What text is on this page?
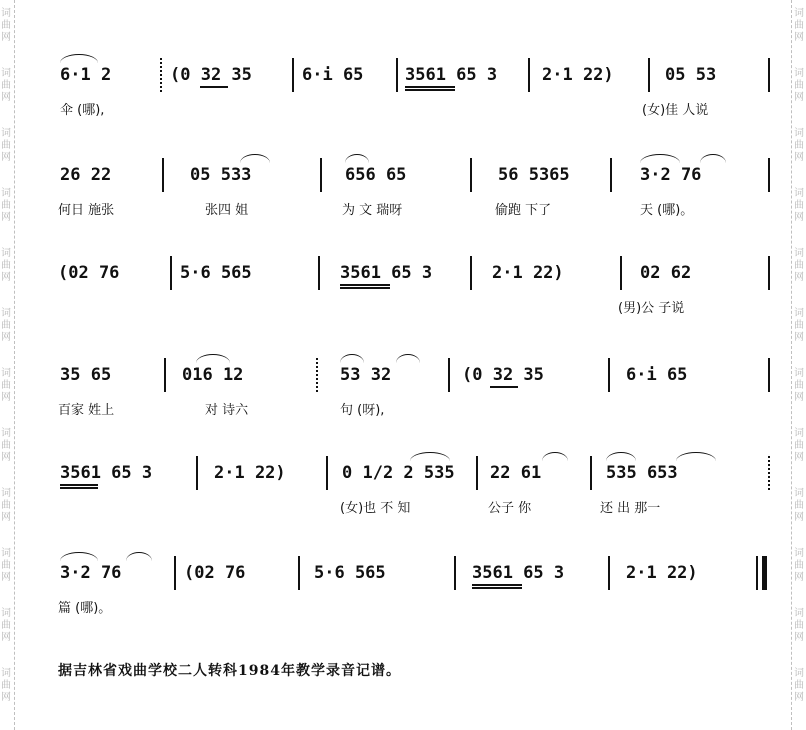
词曲网
词曲网
词曲网
词曲网
词曲网
词曲网
词曲网
词曲网
词曲网
词曲网
词曲网
词曲网
词曲网
词曲网
词曲网
词曲网
词曲网
词曲网
词曲网
词曲网
词曲网
词曲网
词曲网
词曲网
6·1 2
伞 (哪),
(0 32 35	6·i 65 3561 65 3	2·1 22)	05 53
(女)佳 人说
26 22
何日 施张
05 533
张四 姐
656 65
为 文 瑞呀
56 5365
偷跑 下了
3·2 76
天 (哪)。
(02 76	5·6 565	3561 65 3	2·1 22)	02 62
(男)公 子说
35 65
百家 姓上
016 12
对 诗六
53 32
句 (呀),
(0 32 35	6·i 65
3561 65 3	2·1 22)	0 1/2 2 535
(女)也 不 知
22 61
公子 你
535 653
还 出 那一
3·2 76
篇 (哪)。
(02 76	5·6 565	3561 65 3	2·1 22)
据吉林省戏曲学校二人转科1984年教学录音记谱。
